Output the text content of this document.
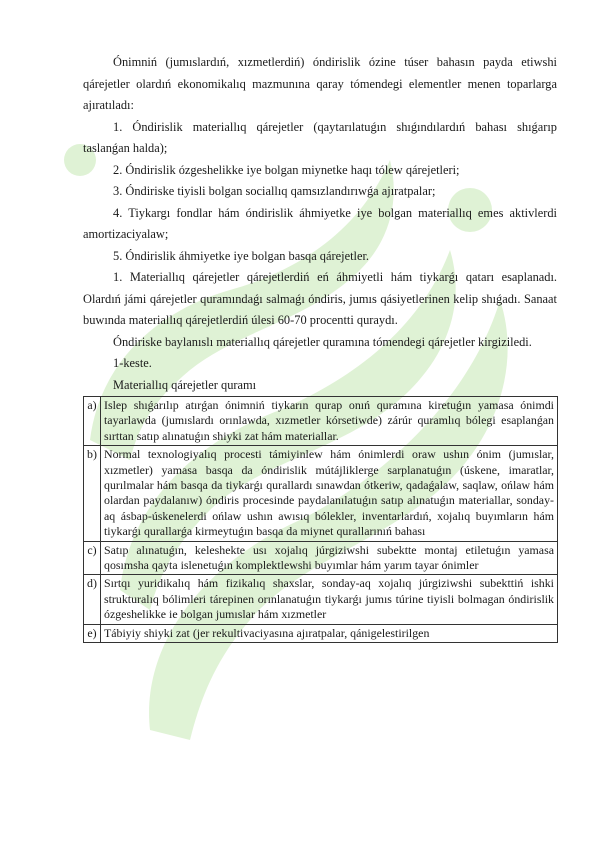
Ónimniń (jumıslardıń, xızmetlerdiń) óndirislik ózine túser bahasın payda etiwshi qárejetler olardıń ekonomikalıq mazmunına qaray tómendegi elementler menen toparlarga ajıratıladı:

1. Óndirislik materiallıq qárejetler (qaytarılatuǵın shıǵındılardıń bahası shıǵarıp taslanǵan halda);

2. Óndirislik ózgeshelikke iye bolgan miynetke haqı tólew qárejetleri;

3. Óndiriske tiyisli bolgan sociallıq qamsızlandırıwǵa ajıratpalar;

4. Tiykargı fondlar hám óndirislik áhmiyetke iye bolgan materiallıq emes aktivlerdi amortizaciyalaw;

5. Óndirislik áhmiyetke iye bolgan basqa qárejetler.

1. Materiallıq qárejetler qárejetlerdiń eń áhmiyetli hám tiykarǵı qatarı esaplanadı. Olardıń jámi qárejetler quramındaǵı salmaǵı óndiris, jumıs qásiyetlerinen kelip shıǵadı. Sanaat buwında materiallıq qárejetlerdiń úlesi 60-70 procentti quraydı.

Óndiriske baylanıslı materiallıq qárejetler quramına tómendegi qárejetler kirgiziledi.

1-keste.

Materiallıq qárejetler quramı

a)	Islep shıǵarılıp atırǵan ónimniń tiykarın qurap onıń quramına kiretuǵın yamasa ónimdi tayarlawda (jumıslardı orınlawda, xızmetler kórsetiwde) zárúr quramlıq bólegi esaplanǵan sırttan satıp alınatuǵın shiyki zat hám materiallar.
b)	Normal texnologiyalıq procesti támiyinlew hám ónimlerdi oraw ushın ónim (jumıslar, xızmetler) yamasa basqa da óndirislik mútájliklerge sarplanatuǵın (úskene, imaratlar, qurılmalar hám basqa da tiykarǵı qurallardı sınawdan ótkeriw, qadaǵalaw, saqlaw, ońlaw hám olardan paydalanıw) óndiris procesinde paydalanılatuǵın satıp alınatuǵın materiallar, sonday-aq ásbap-úskenelerdi ońlaw ushın awısıq bólekler, inventarlardıń, xojalıq buyımların hám tiykarǵı qurallarǵa kirmeytuǵın basqa da miynet qurallarınıń bahası
c)	Satıp alınatuǵın, keleshekte usı xojalıq júrgiziwshi subektte montaj etiletuǵın yamasa qosımsha qayta islenetuǵın komplektlewshi buyımlar hám yarım tayar ónimler
d)	Sırtqı yuridikalıq hám fizikalıq shaxslar, sonday-aq xojalıq júrgiziwshi subekttiń ishki strukturalıq bólimleri tárepinen orınlanatuǵın tiykarǵı jumıs túrine tiyisli bolmagan óndirislik ózgeshelikke ie bolgan jumıslar hám xızmetler
e)	Tábiyiy shiyki zat (jer rekultivaciyasına ajıratpalar, qánigelestirilgen
